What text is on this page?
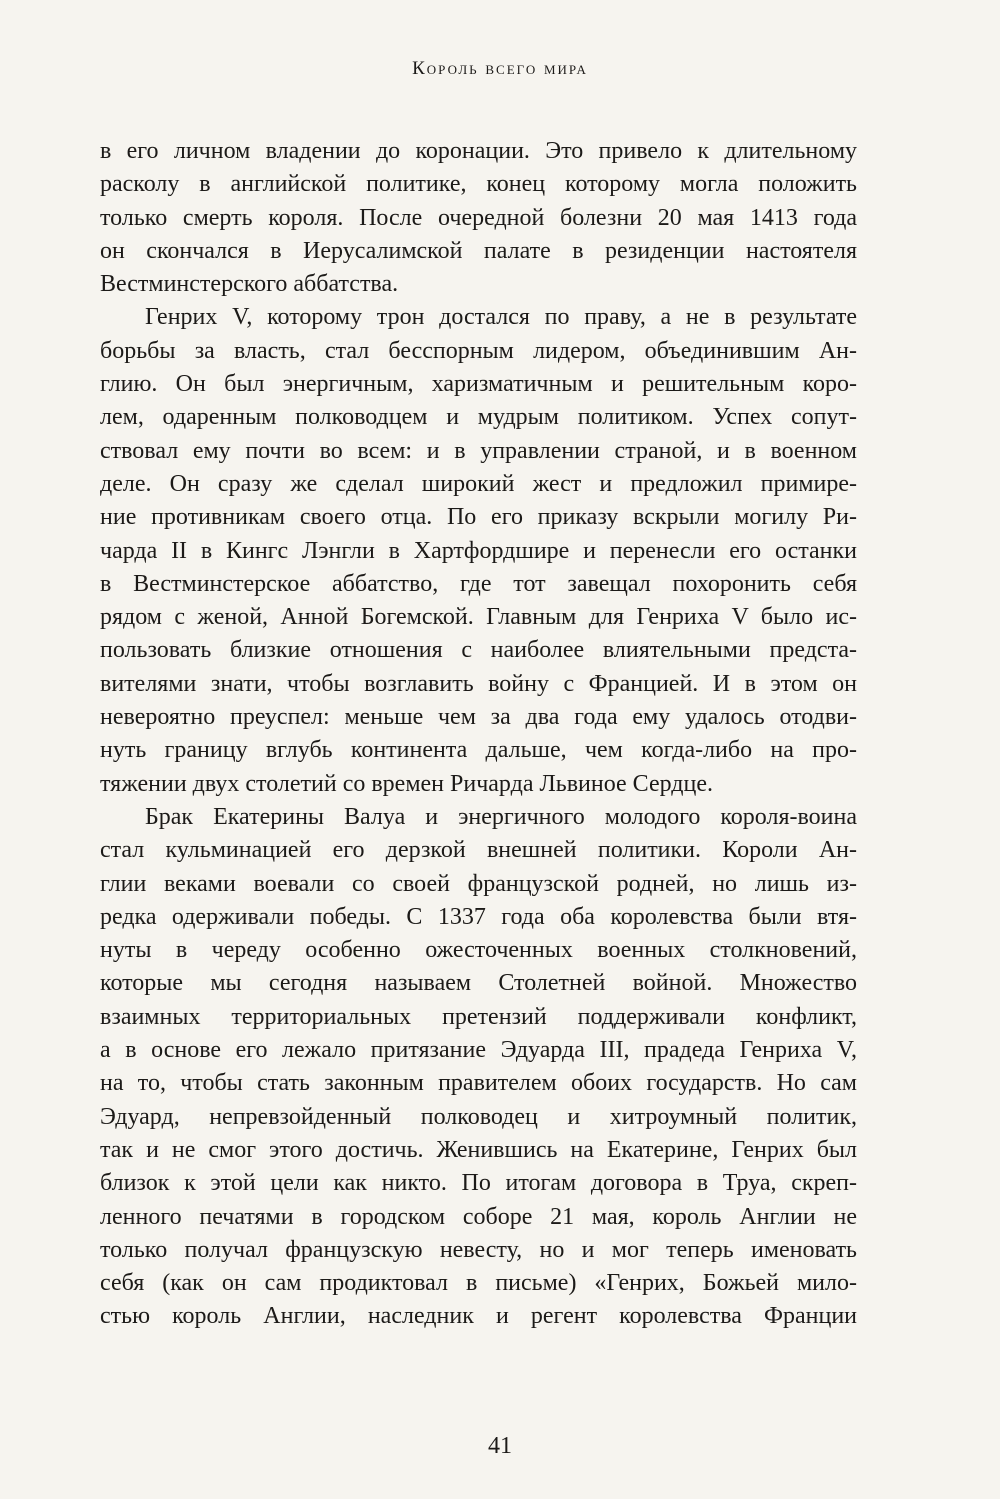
Король всего мира
в его личном владении до коронации. Это привело к длительному
расколу в английской политике, конец которому могла положить
только смерть короля. После очередной болезни 20 мая 1413 года
он скончался в Иерусалимской палате в резиденции настоятеля
Вестминстерского аббатства.
Генрих V, которому трон достался по праву, а не в результате
борьбы за власть, стал бесспорным лидером, объединившим Ан-
глию. Он был энергичным, харизматичным и решительным коро-
лем, одаренным полководцем и мудрым политиком. Успех сопут-
ствовал ему почти во всем: и в управлении страной, и в военном
деле. Он сразу же сделал широкий жест и предложил примире-
ние противникам своего отца. По его приказу вскрыли могилу Ри-
чарда II в Кингс Лэнгли в Хартфордшире и перенесли его останки
в Вестминстерское аббатство, где тот завещал похоронить себя
рядом с женой, Анной Богемской. Главным для Генриха V было ис-
пользовать близкие отношения с наиболее влиятельными предста-
вителями знати, чтобы возглавить войну с Францией. И в этом он
невероятно преуспел: меньше чем за два года ему удалось отодви-
нуть границу вглубь континента дальше, чем когда-либо на про-
тяжении двух столетий со времен Ричарда Львиное Сердце.
Брак Екатерины Валуа и энергичного молодого короля-воина
стал кульминацией его дерзкой внешней политики. Короли Ан-
глии веками воевали со своей французской родней, но лишь из-
редка одерживали победы. С 1337 года оба королевства были втя-
нуты в череду особенно ожесточенных военных столкновений,
которые мы сегодня называем Столетней войной. Множество
взаимных территориальных претензий поддерживали конфликт,
а в основе его лежало притязание Эдуарда III, прадеда Генриха V,
на то, чтобы стать законным правителем обоих государств. Но сам
Эдуард, непревзойденный полководец и хитроумный политик,
так и не смог этого достичь. Женившись на Екатерине, Генрих был
близок к этой цели как никто. По итогам договора в Труа, скреп-
ленного печатями в городском соборе 21 мая, король Англии не
только получал французскую невесту, но и мог теперь именовать
себя (как он сам продиктовал в письме) «Генрих, Божьей мило-
стью король Англии, наследник и регент королевства Франции
41
